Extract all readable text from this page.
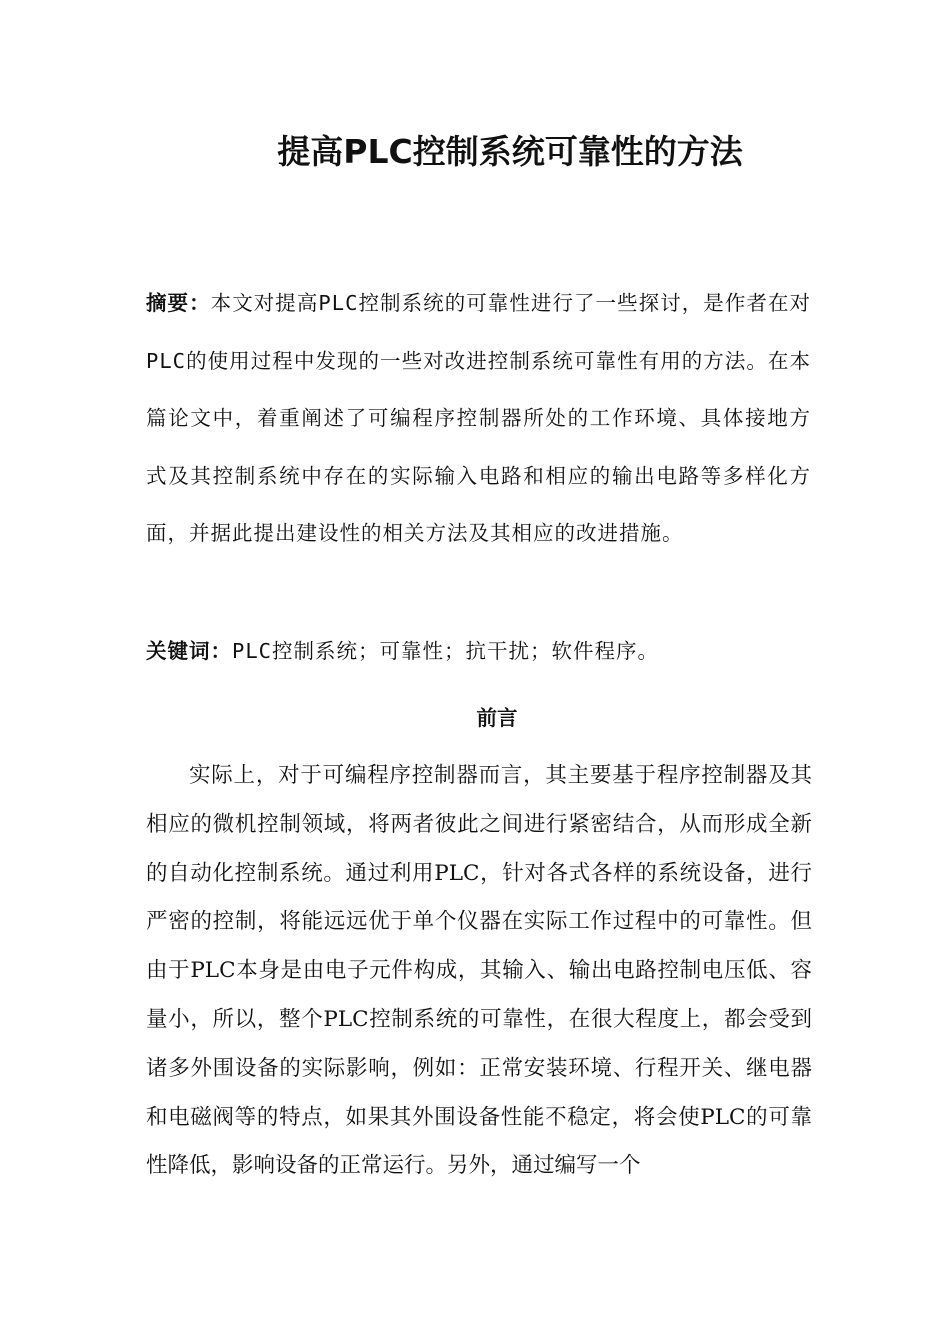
提高PLC控制系统可靠性的方法

摘要：本文对提高PLC控制系统的可靠性进行了一些探讨，是作者在对PLC的使用过程中发现的一些对改进控制系统可靠性有用的方法。在本篇论文中，着重阐述了可编程序控制器所处的工作环境、具体接地方式及其控制系统中存在的实际输入电路和相应的输出电路等多样化方面，并据此提出建设性的相关方法及其相应的改进措施。

关键词：PLC控制系统；可靠性；抗干扰；软件程序。

前言

实际上，对于可编程序控制器而言，其主要基于程序控制器及其相应的微机控制领域，将两者彼此之间进行紧密结合，从而形成全新的自动化控制系统。通过利用PLC，针对各式各样的系统设备，进行严密的控制，将能远远优于单个仪器在实际工作过程中的可靠性。但由于PLC本身是由电子元件构成，其输入、输出电路控制电压低、容量小，所以，整个PLC控制系统的可靠性，在很大程度上，都会受到诸多外围设备的实际影响，例如：正常安装环境、行程开关、继电器和电磁阀等的特点，如果其外围设备性能不稳定，将会使PLC的可靠性降低，影响设备的正常运行。另外，通过编写一个
